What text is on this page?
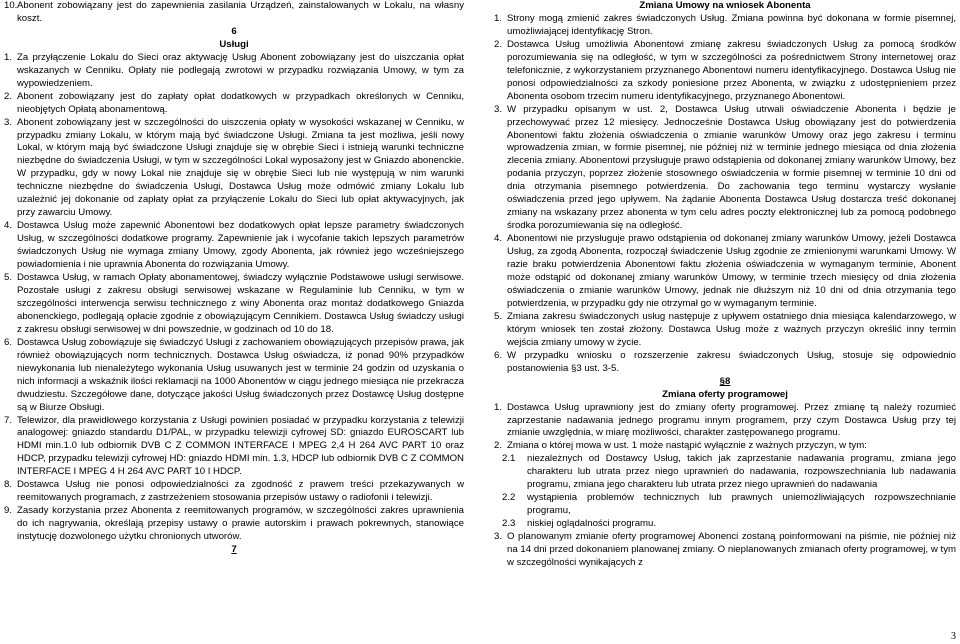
10. Abonent zobowiązany jest do zapewnienia zasilania Urządzeń, zainstalowanych w Lokalu, na własny koszt.
6
Usługi
1. Za przyłączenie Lokalu do Sieci oraz aktywację Usług Abonent zobowiązany jest do uiszczania opłat wskazanych w Cenniku. Opłaty nie podlegają zwrotowi w przypadku rozwiązania Umowy, w tym za wypowiedzeniem.
2. Abonent zobowiązany jest do zapłaty opłat dodatkowych w przypadkach określonych w Cenniku, nieobjętych Opłatą abonamentową.
3. Abonent zobowiązany jest w szczególności do uiszczenia opłaty w wysokości wskazanej w Cenniku, w przypadku zmiany Lokalu, w którym mają być świadczone Usługi. Zmiana ta jest możliwa, jeśli nowy Lokal, w którym mają być świadczone Usługi znajduje się w obrębie Sieci i istnieją warunki techniczne niezbędne do świadczenia Usługi, w tym w szczególności Lokal wyposażony jest w Gniazdo abonenckie. W przypadku, gdy w nowy Lokal nie znajduje się w obrębie Sieci lub nie występują w nim warunki techniczne niezbędne do świadczenia Usługi, Dostawca Usług może odmówić zmiany Lokalu lub uzależnić jej dokonanie od zapłaty opłat za przyłączenie Lokalu do Sieci lub opłat aktywacyjnych, jak przy zawarciu Umowy.
4. Dostawca Usług może zapewnić Abonentowi bez dodatkowych opłat lepsze parametry świadczonych Usług, w szczególności dodatkowe programy. Zapewnienie jak i wycofanie takich lepszych parametrów świadczonych Usług nie wymaga zmiany Umowy, zgody Abonenta, jak również jego wcześniejszego powiadomienia i nie uprawnia Abonenta do rozwiązania Umowy.
5. Dostawca Usług, w ramach Opłaty abonamentowej, świadczy wyłącznie Podstawowe usługi serwisowe. Pozostałe usługi z zakresu obsługi serwisowej wskazane w Regulaminie lub Cenniku, w tym w szczególności interwencja serwisu technicznego z winy Abonenta oraz montaż dodatkowego Gniazda abonenckiego, podlegają opłacie zgodnie z obowiązującym Cennikiem. Dostawca Usług świadczy usługi z zakresu obsługi serwisowej w dni powszednie, w godzinach od 10 do 18.
6. Dostawca Usług zobowiązuje się świadczyć Usługi z zachowaniem obowiązujących przepisów prawa, jak również obowiązujących norm technicznych. Dostawca Usług oświadcza, iż ponad 90% przypadków niewykonania lub nienależytego wykonania Usług usuwanych jest w terminie 24 godzin od uzyskania o nich informacji a wskaźnik ilości reklamacji na 1000 Abonentów w ciągu jednego miesiąca nie przekracza dwudziestu. Szczegółowe dane, dotyczące jakości Usług świadczonych przez Dostawcę Usług dostępne są w Biurze Obsługi.
7. Telewizor, dla prawidłowego korzystania z Usługi powinien posiadać w przypadku korzystania z telewizji analogowej: gniazdo standardu D1/PAL, w przypadku telewizji cyfrowej SD: gniazdo EUROSCART lub HDMI min.1.0 lub odbiornik DVB C Z COMMON INTERFACE I MPEG 2,4 H 264 AVC PART 10 oraz HDCP, przypadku telewizji cyfrowej HD: gniazdo HDMI min. 1.3, HDCP lub odbiornik DVB C Z COMMON INTERFACE I MPEG 4 H 264 AVC PART 10 I HDCP.
8. Dostawca Usług nie ponosi odpowiedzialności za zgodność z prawem treści przekazywanych w reemitowanych programach, z zastrzeżeniem stosowania przepisów ustawy o radiofonii i telewizji.
9. Zasady korzystania przez Abonenta z reemitowanych programów, w szczególności zakres uprawnienia do ich nagrywania, określają przepisy ustawy o prawie autorskim i prawach pokrewnych, stanowiące instytucję dozwolonego użytku chronionych utworów.
7
Zmiana Umowy na wniosek Abonenta
1. Strony mogą zmienić zakres świadczonych Usług. Zmiana powinna być dokonana w formie pisemnej, umożliwiającej identyfikację Stron.
2. Dostawca Usług umożliwia Abonentowi zmianę zakresu świadczonych Usług za pomocą środków porozumiewania się na odległość, w tym w szczególności za pośrednictwem Strony internetowej oraz telefonicznie, z wykorzystaniem przyznanego Abonentowi numeru identyfikacyjnego. Dostawca Usług nie ponosi odpowiedzialności za szkody poniesione przez Abonenta, w związku z udostępnieniem przez Abonenta osobom trzecim numeru identyfikacyjnego, przyznanego Abonentowi.
3. W przypadku opisanym w ust. 2, Dostawca Usług utrwali oświadczenie Abonenta i będzie je przechowywać przez 12 miesięcy. Jednocześnie Dostawca Usług obowiązany jest do potwierdzenia Abonentowi faktu złożenia oświadczenia o zmianie warunków Umowy oraz jego zakresu i terminu wprowadzenia zmian, w formie pisemnej, nie później niż w terminie jednego miesiąca od dnia złożenia zlecenia zmiany. Abonentowi przysługuje prawo odstąpienia od dokonanej zmiany warunków Umowy, bez podania przyczyn, poprzez złożenie stosownego oświadczenia w formie pisemnej w terminie 10 dni od dnia otrzymania pisemnego potwierdzenia. Do zachowania tego terminu wystarczy wysłanie oświadczenia przed jego upływem. Na żądanie Abonenta Dostawca Usług dostarcza treść dokonanej zmiany na wskazany przez abonenta w tym celu adres poczty elektronicznej lub za pomocą podobnego środka porozumiewania się na odległość.
4. Abonentowi nie przysługuje prawo odstąpienia od dokonanej zmiany warunków Umowy, jeżeli Dostawca Usług, za zgodą Abonenta, rozpoczął świadczenie Usług zgodnie ze zmienionymi warunkami Umowy. W razie braku potwierdzenia Abonentowi faktu złożenia oświadczenia w wymaganym terminie, Abonent może odstąpić od dokonanej zmiany warunków Umowy, w terminie trzech miesięcy od dnia złożenia oświadczenia o zmianie warunków Umowy, jednak nie dłuższym niż 10 dni od dnia otrzymania tego potwierdzenia, w przypadku gdy nie otrzymał go w wymaganym terminie.
5. Zmiana zakresu świadczonych usług następuje z upływem ostatniego dnia miesiąca kalendarzowego, w którym wniosek ten został złożony. Dostawca Usług może z ważnych przyczyn określić inny termin wejścia zmiany umowy w życie.
6. W przypadku wniosku o rozszerzenie zakresu świadczonych Usług, stosuje się odpowiednio postanowienia §3 ust. 3-5.
§8
Zmiana oferty programowej
1. Dostawca Usług uprawniony jest do zmiany oferty programowej. Przez zmianę tą należy rozumieć zaprzestanie nadawania jednego programu innym programem, przy czym Dostawca Usług przy tej zmianie uwzględnia, w miarę możliwości, charakter zastępowanego programu.
2. Zmiana o której mowa w ust. 1 może nastąpić wyłącznie z ważnych przyczyn, w tym:
2.1 niezależnych od Dostawcy Usług, takich jak zaprzestanie nadawania programu, zmiana jego charakteru lub utrata przez niego uprawnień do nadawania, rozpowszechniania lub nadawania programu, zmiana jego charakteru lub utrata przez niego uprawnień do nadawania
2.2 wystąpienia problemów technicznych lub prawnych uniemożliwiających rozpowszechnianie programu,
2.3 niskiej oglądalności programu.
3. O planowanym zmianie oferty programowej Abonenci zostaną poinformowani na piśmie, nie później niż na 14 dni przed dokonaniem planowanej zmiany. O nieplanowanych zmianach oferty programowej, w tym w szczególności wynikających z
3
